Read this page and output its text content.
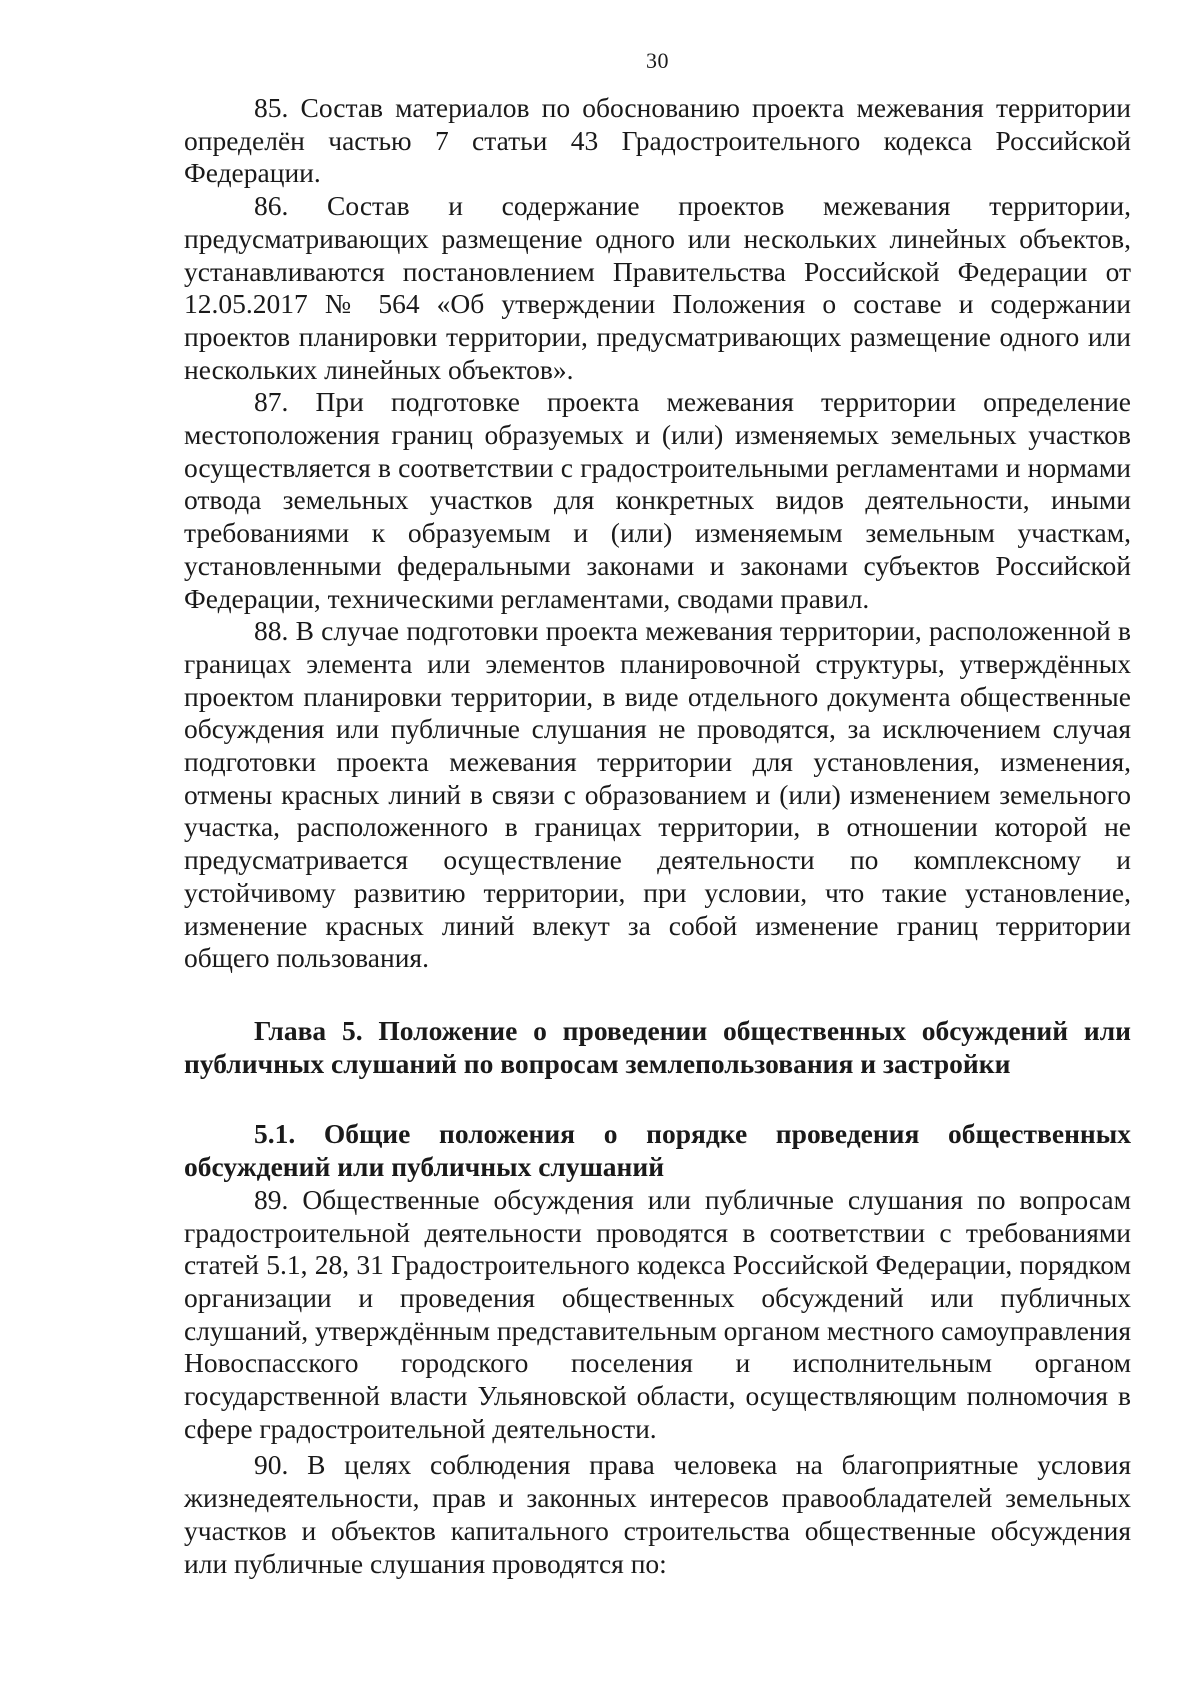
30

85. Состав материалов по обоснованию проекта межевания территории определён частью 7 статьи 43 Градостроительного кодекса Российской Федерации.

86. Состав и содержание проектов межевания территории, предусматривающих размещение одного или нескольких линейных объектов, устанавливаются постановлением Правительства Российской Федерации от 12.05.2017 № 564 «Об утверждении Положения о составе и содержании проектов планировки территории, предусматривающих размещение одного или нескольких линейных объектов».

87. При подготовке проекта межевания территории определение местоположения границ образуемых и (или) изменяемых земельных участков осуществляется в соответствии с градостроительными регламентами и нормами отвода земельных участков для конкретных видов деятельности, иными требованиями к образуемым и (или) изменяемым земельным участкам, установленными федеральными законами и законами субъектов Российской Федерации, техническими регламентами, сводами правил.

88. В случае подготовки проекта межевания территории, расположенной в границах элемента или элементов планировочной структуры, утверждённых проектом планировки территории, в виде отдельного документа общественные обсуждения или публичные слушания не проводятся, за исключением случая подготовки проекта межевания территории для установления, изменения, отмены красных линий в связи с образованием и (или) изменением земельного участка, расположенного в границах территории, в отношении которой не предусматривается осуществление деятельности по комплексному и устойчивому развитию территории, при условии, что такие установление, изменение красных линий влекут за собой изменение границ территории общего пользования.

Глава 5. Положение о проведении общественных обсуждений или публичных слушаний по вопросам землепользования и застройки

5.1. Общие положения о порядке проведения общественных обсуждений или публичных слушаний

89. Общественные обсуждения или публичные слушания по вопросам градостроительной деятельности проводятся в соответствии с требованиями статей 5.1, 28, 31 Градостроительного кодекса Российской Федерации, порядком организации и проведения общественных обсуждений или публичных слушаний, утверждённым представительным органом местного самоуправления Новоспасского городского поселения и исполнительным органом государственной власти Ульяновской области, осуществляющим полномочия в сфере градостроительной деятельности.

90. В целях соблюдения права человека на благоприятные условия жизнедеятельности, прав и законных интересов правообладателей земельных участков и объектов капитального строительства общественные обсуждения или публичные слушания проводятся по:
